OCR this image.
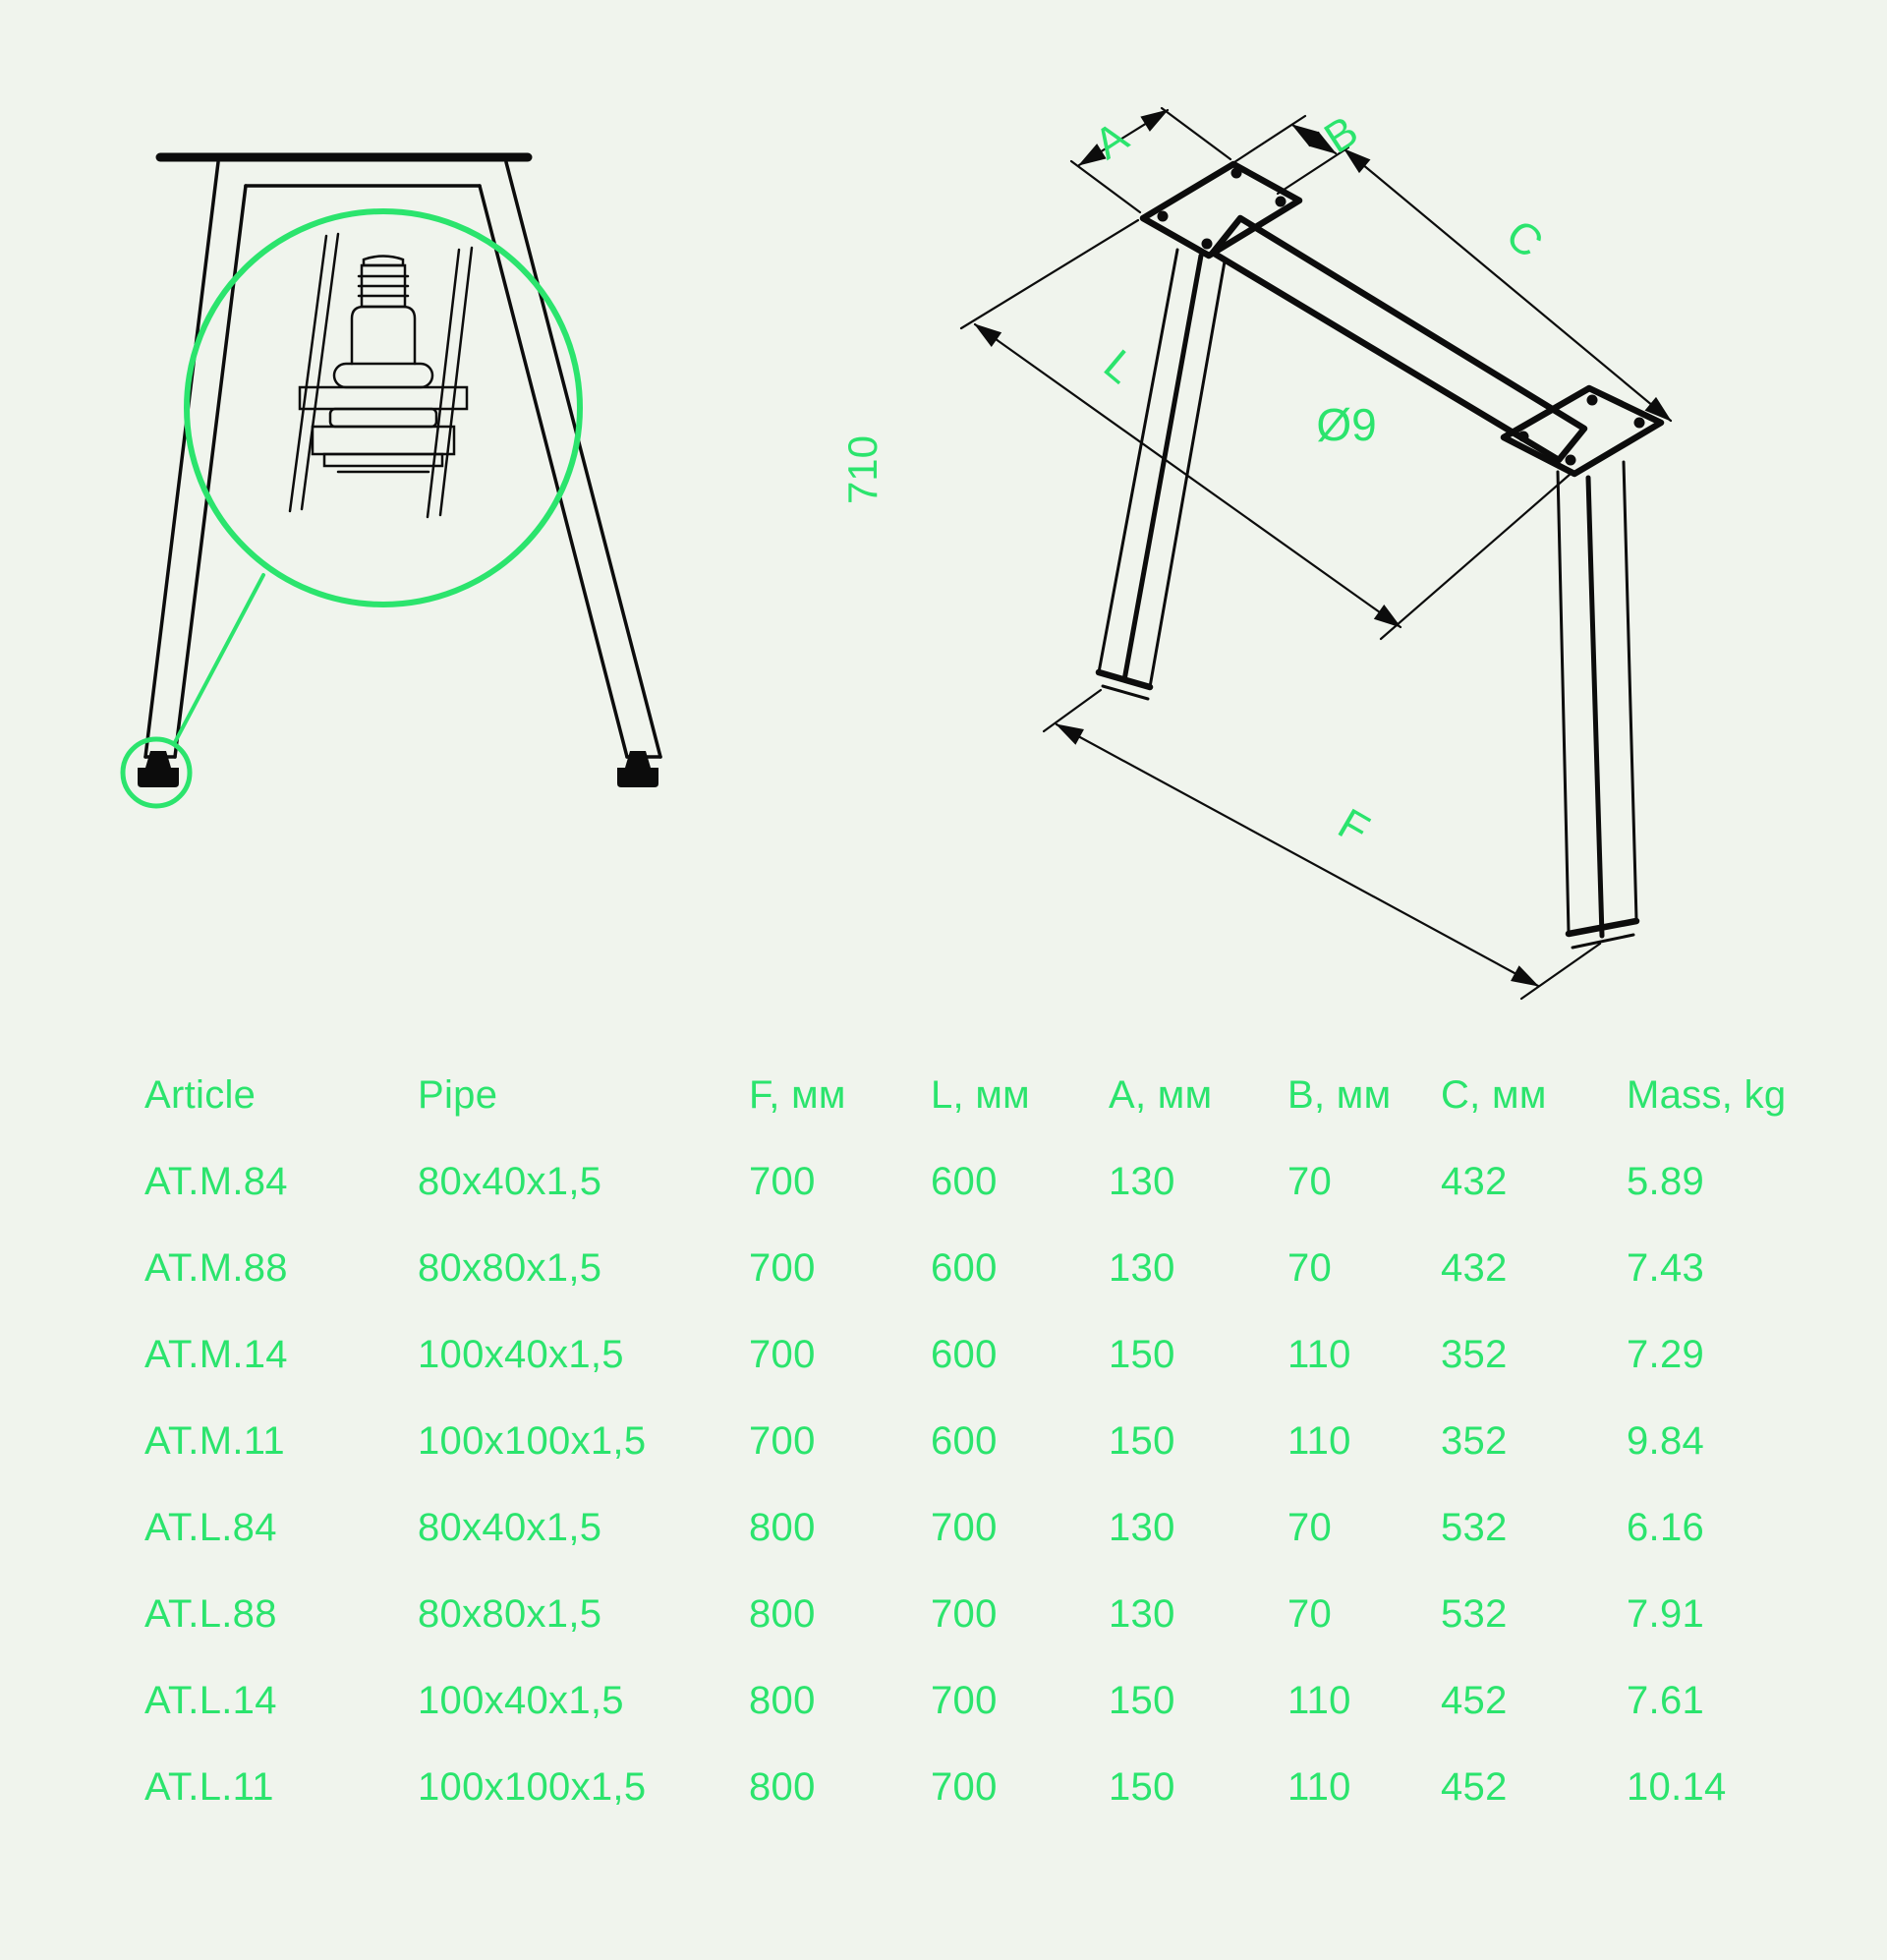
710
A	B
C
L
F
Ø9
Article	Pipe	F, мм	L, мм	A, мм	B, мм	C, мм	Mass, kg
AT.M.84	80x40x1,5	700	600	130	70	432	5.89
AT.M.88	80x80x1,5	700	600	130	70	432	7.43
AT.M.14	100x40x1,5	700	600	150	110	352	7.29
AT.M.11	100x100x1,5	700	600	150	110	352	9.84
AT.L.84	80x40x1,5	800	700	130	70	532	6.16
AT.L.88	80x80x1,5	800	700	130	70	532	7.91
AT.L.14	100x40x1,5	800	700	150	110	452	7.61
AT.L.11	100x100x1,5	800	700	150	110	452	10.14
